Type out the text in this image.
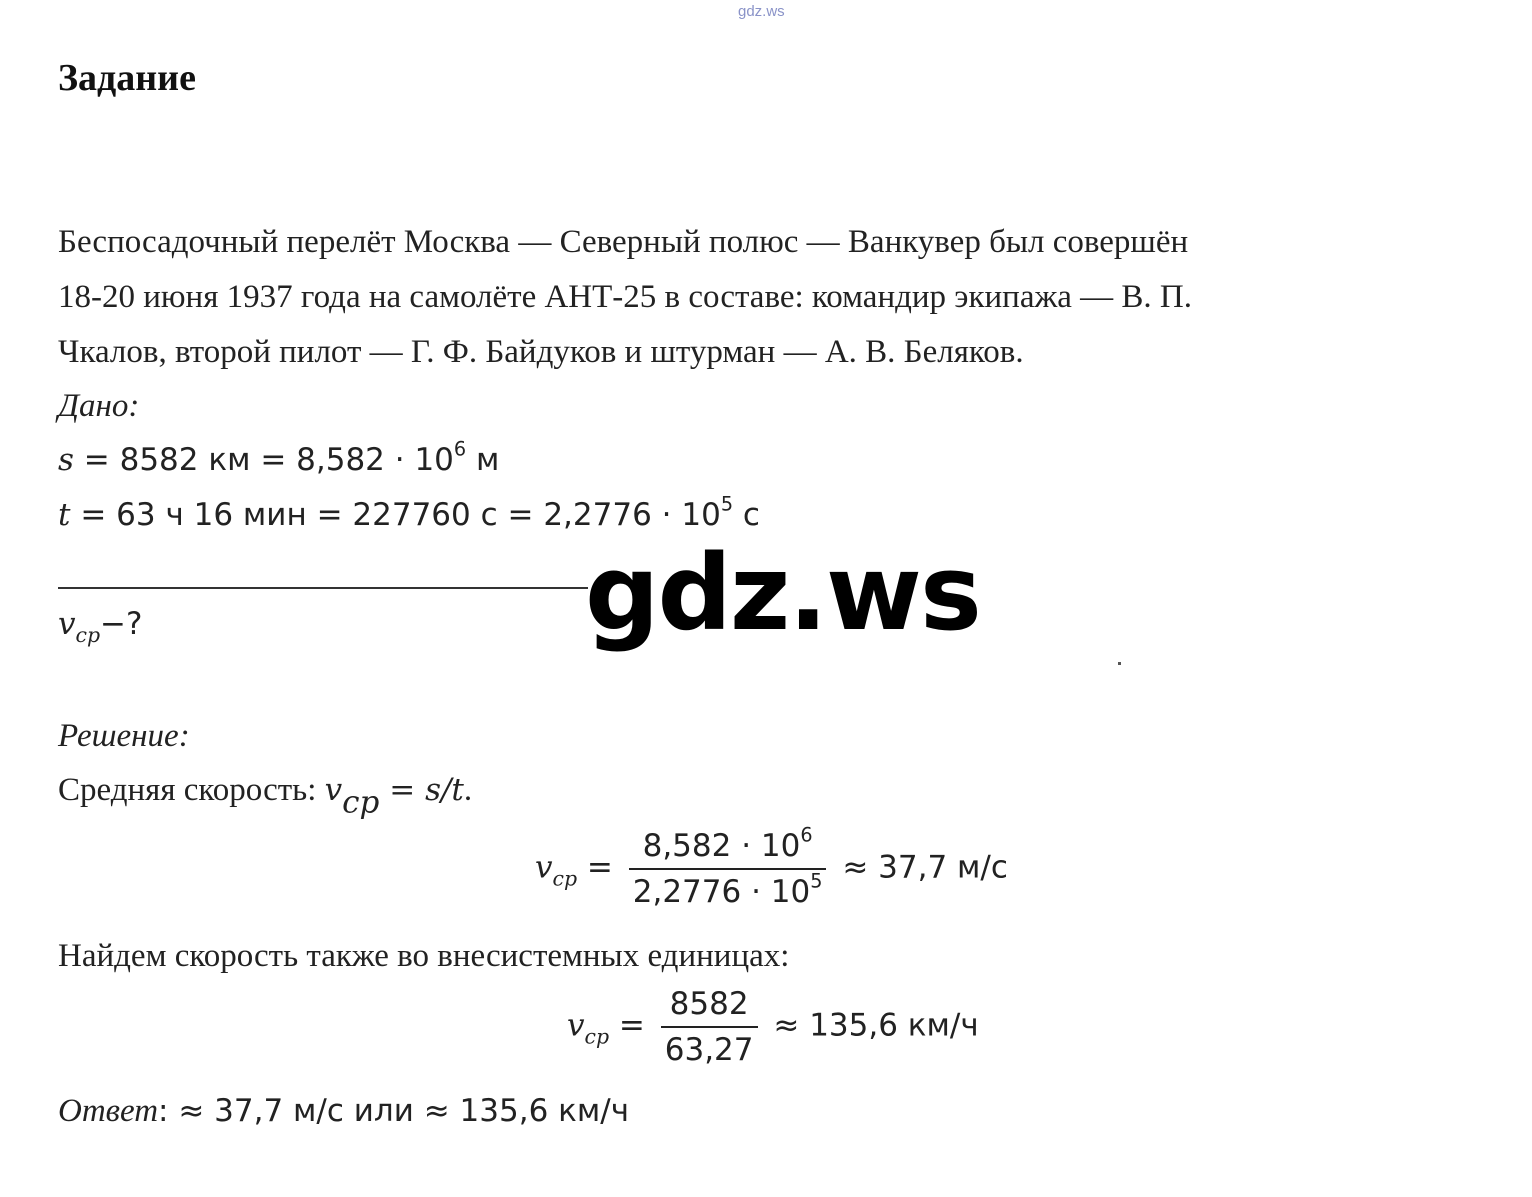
gdz.ws
Задание
Беспосадочный перелёт Москва — Северный полюс — Ванкувер был совершён
18-20 июня 1937 года на самолёте АНТ-25 в составе: командир экипажа — В. П.
Чкалов, второй пилот — Г. Ф. Байдуков и штурман — А. В. Беляков.
Дано:
s = 8582 км = $8,582 \cdot 10^6$ м
t = 63 ч 16 мин = 227760 $с = 2,2776 \cdot 10^5$ с
$v_{ср}-$?	gdz.ws
Решение:
Средняя скорость: $v_{ср} = s/t$.
$v_{ср} = \frac{8,582 \cdot 10^6}{2,2776 \cdot 10^5} \approx 37,7$ м/с
Найдем скорость также во внесистемных единицах:
$v_{ср} = \frac{8582}{63,27} \approx 135,6$ км/ч
Ответ: ≈ 37,7 м/с или ≈ 135,6 км/ч
